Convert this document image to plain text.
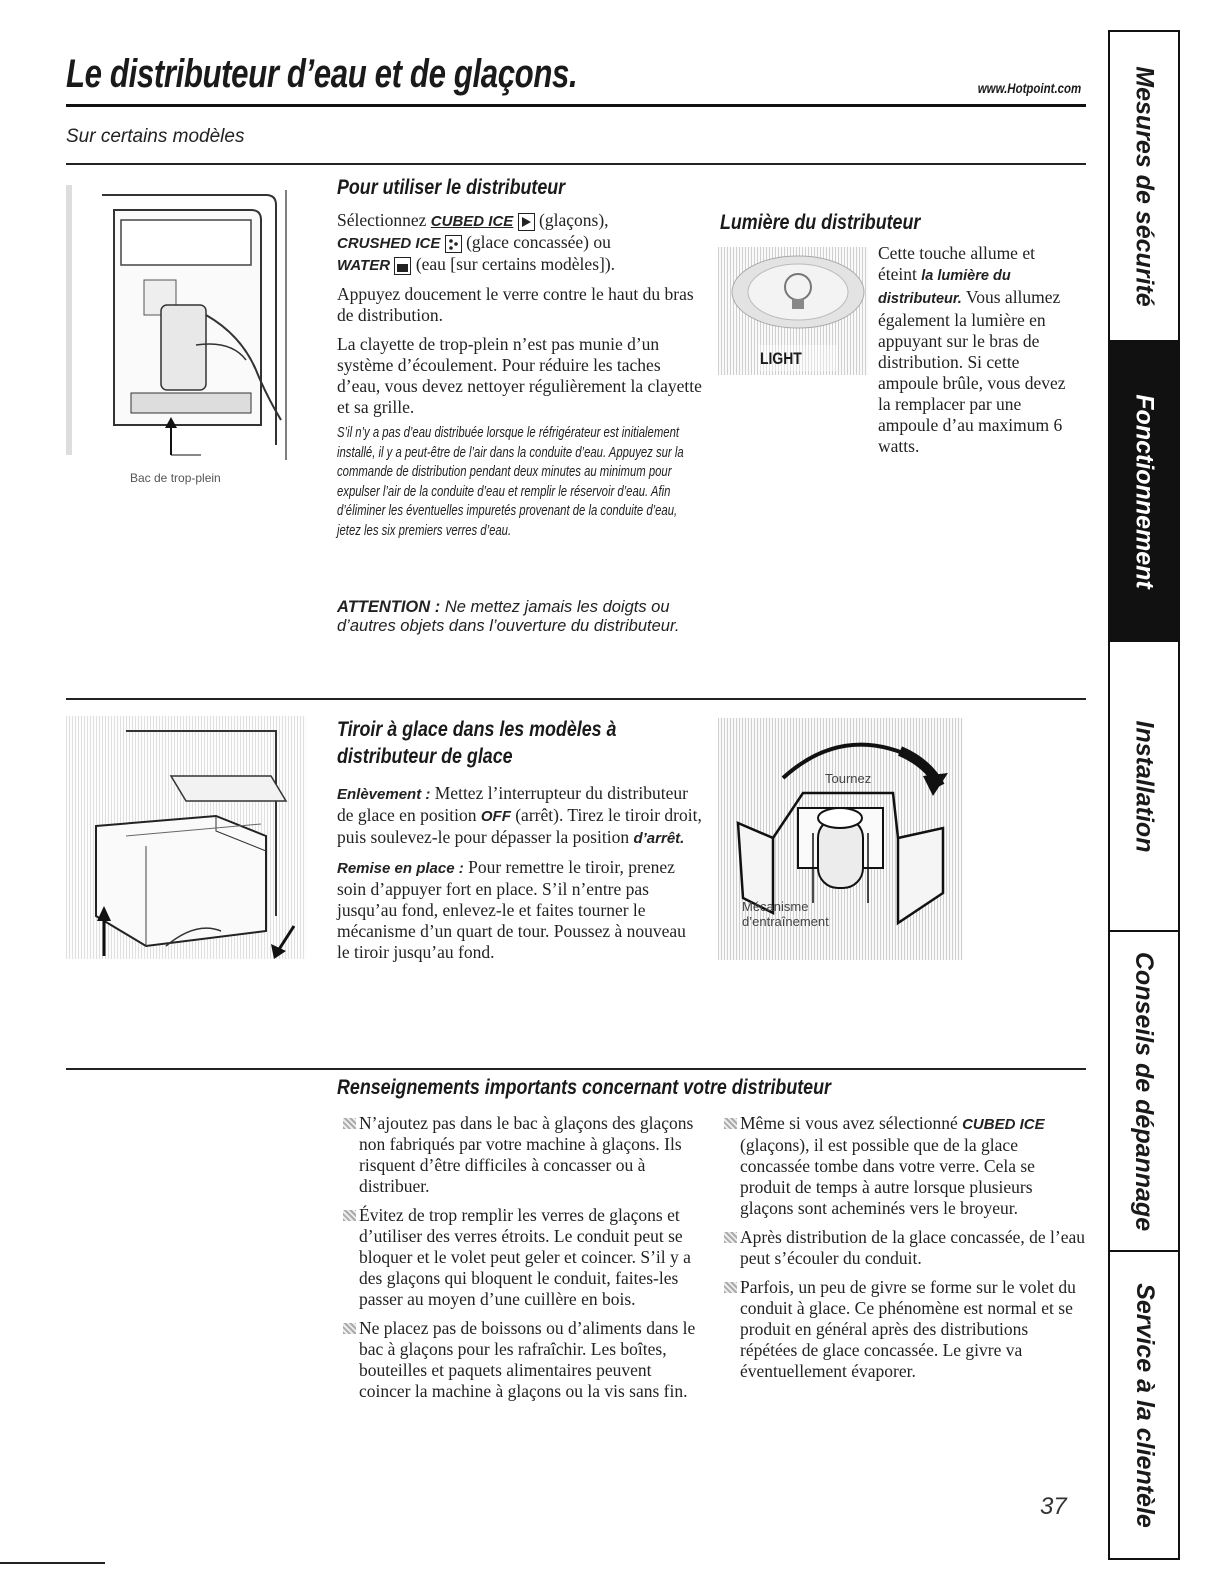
Le distributeur d’eau et de glaçons.	www.Hotpoint.com
Sur certains modèles
Bac de trop-plein
Pour utiliser le distributeur

Sélectionnez CUBED ICE  (glaçons),
CRUSHED ICE  (glace concassée) ou
WATER  (eau [sur certains modèles]).

Appuyez doucement le verre contre le haut du bras de distribution.

La clayette de trop-plein n’est pas munie d’un système d’écoulement. Pour réduire les taches d’eau, vous devez nettoyer régulièrement la clayette et sa grille.

S’il n’y a pas d’eau distribuée lorsque le réfrigérateur est initialement installé, il y a peut-être de l’air dans la conduite d’eau. Appuyez sur la commande de distribution pendant deux minutes au minimum pour expulser l’air de la conduite d’eau et remplir le réservoir d’eau. Afin d’éliminer les éventuelles impuretés provenant de la conduite d’eau, jetez les six premiers verres d’eau.
ATTENTION : Ne mettez jamais les doigts ou d’autres objets dans l’ouverture du distributeur.
Lumière du distributeur
LIGHT
Cette touche allume et éteint la lumière du distributeur. Vous allumez également la lumière en appuyant sur le bras de distribution. Si cette ampoule brûle, vous devez la remplacer par une ampoule d’au maximum 6 watts.
Tiroir à glace dans les modèles à distributeur de glace

Enlèvement : Mettez l’interrupteur du distributeur de glace en position OFF (arrêt). Tirez le tiroir droit, puis soulevez-le pour dépasser la position d’arrêt.

Remise en place : Pour remettre le tiroir, prenez soin d’appuyer fort en place. S’il n’entre pas jusqu’au fond, enlevez-le et faites tourner le mécanisme d’un quart de tour. Poussez à nouveau le tiroir jusqu’au fond.

Tournez
Mécanisme
d’entraînement
Renseignements importants concernant votre distributeur

N’ajoutez pas dans le bac à glaçons des glaçons non fabriqués par votre machine à glaçons. Ils risquent d’être difficiles à concasser ou à distribuer.

Évitez de trop remplir les verres de glaçons et d’utiliser des verres étroits. Le conduit peut se bloquer et le volet peut geler et coincer. S’il y a des glaçons qui bloquent le conduit, faites-les passer au moyen d’une cuillère en bois.

Ne placez pas de boissons ou d’aliments dans le bac à glaçons pour les rafraîchir. Les boîtes, bouteilles et paquets alimentaires peuvent coincer la machine à glaçons ou la vis sans fin.

Même si vous avez sélectionné CUBED ICE (glaçons), il est possible que de la glace concassée tombe dans votre verre. Cela se produit de temps à autre lorsque plusieurs glaçons sont acheminés vers le broyeur.

Après distribution de la glace concassée, de l’eau peut s’écouler du conduit.

Parfois, un peu de givre se forme sur le volet du conduit à glace. Ce phénomène est normal et se produit en général après des distributions répétées de glace concassée. Le givre va éventuellement évaporer.

37
Mesures de sécurité
Fonctionnement
Installation
Conseils de dépannage
Service à la clientèle
